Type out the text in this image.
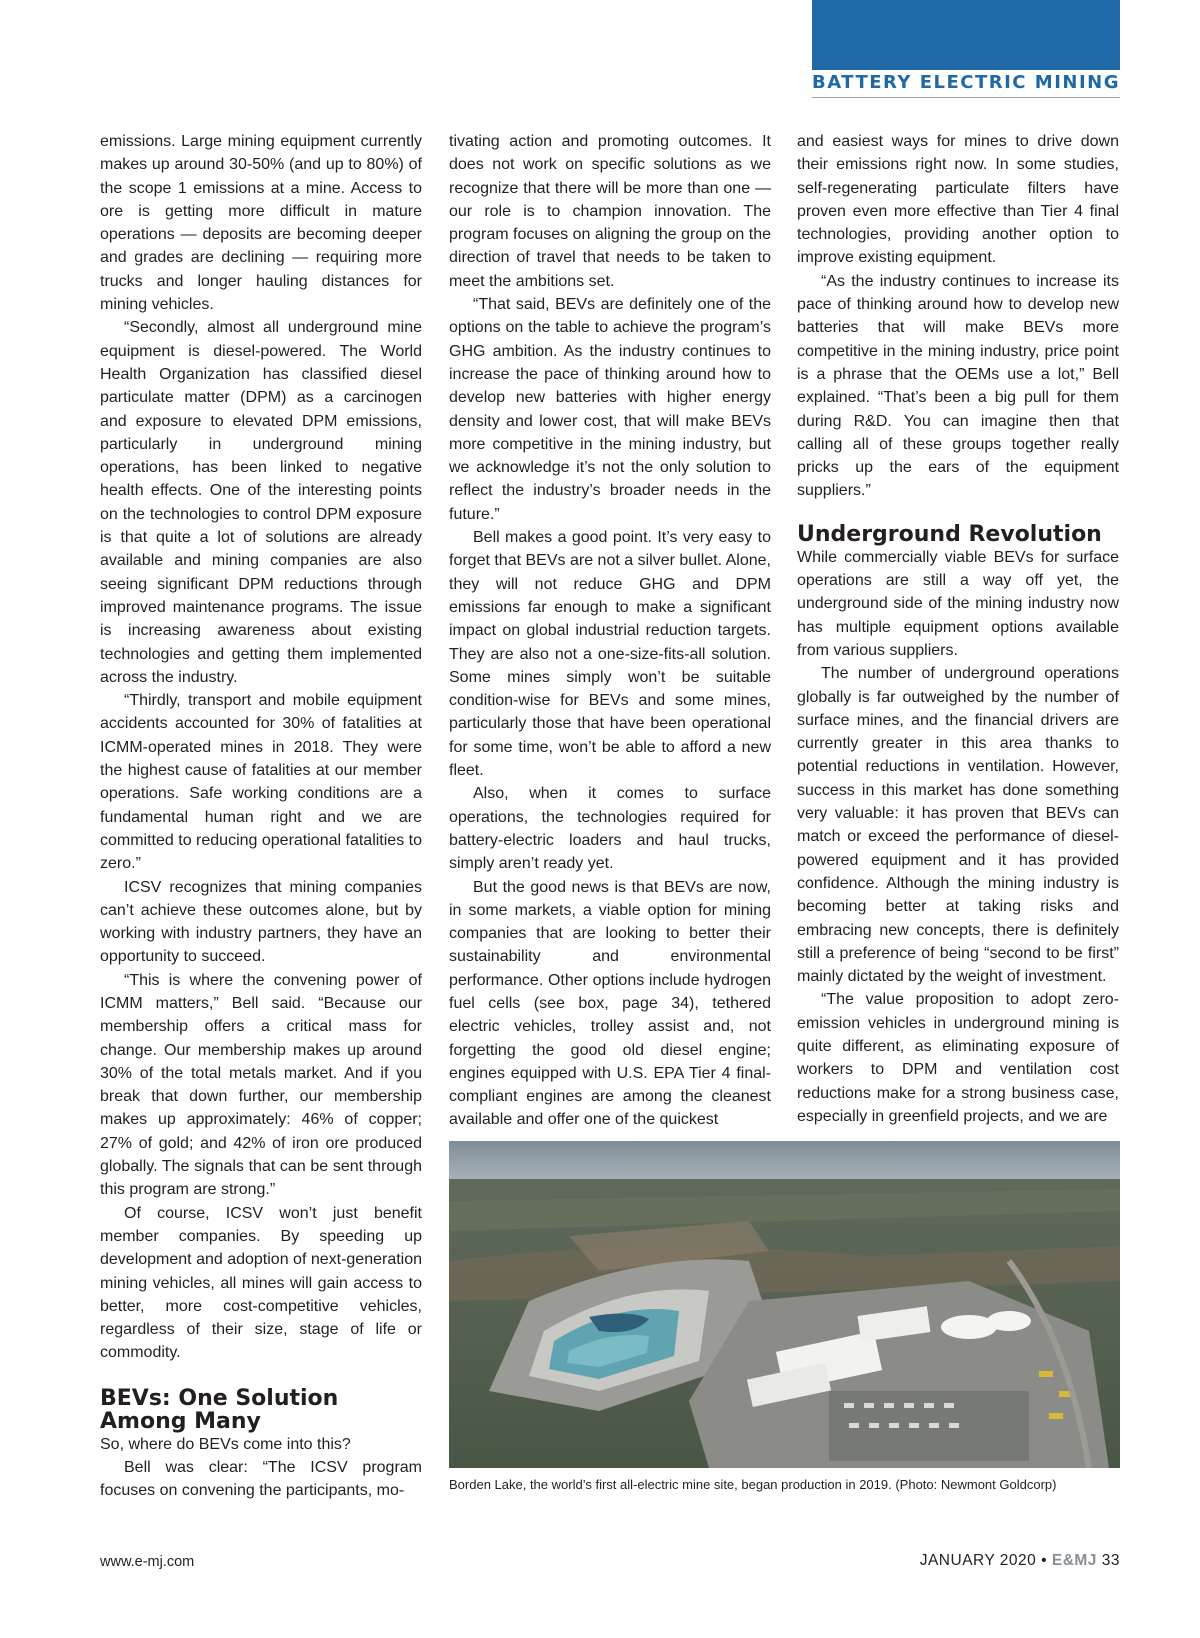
BATTERY ELECTRIC MINING

emissions. Large mining equipment currently makes up around 30-50% (and up to 80%) of the scope 1 emissions at a mine. Access to ore is getting more difficult in mature operations — deposits are becoming deeper and grades are declining — requiring more trucks and longer hauling distances for mining vehicles.

“Secondly, almost all underground mine equipment is diesel-powered. The World Health Organization has classified diesel particulate matter (DPM) as a carcinogen and exposure to elevated DPM emissions, particularly in underground mining operations, has been linked to negative health effects. One of the interesting points on the technologies to control DPM exposure is that quite a lot of solutions are already available and mining companies are also seeing significant DPM reductions through improved maintenance programs. The issue is increasing awareness about existing technologies and getting them implemented across the industry.

“Thirdly, transport and mobile equipment accidents accounted for 30% of fatalities at ICMM-operated mines in 2018. They were the highest cause of fatalities at our member operations. Safe working conditions are a fundamental human right and we are committed to reducing operational fatalities to zero.”

ICSV recognizes that mining companies can’t achieve these outcomes alone, but by working with industry partners, they have an opportunity to succeed.

“This is where the convening power of ICMM matters,” Bell said. “Because our membership offers a critical mass for change. Our membership makes up around 30% of the total metals market. And if you break that down further, our membership makes up approximately: 46% of copper; 27% of gold; and 42% of iron ore produced globally. The signals that can be sent through this program are strong.”

Of course, ICSV won’t just benefit member companies. By speeding up development and adoption of next-generation mining vehicles, all mines will gain access to better, more cost-competitive vehicles, regardless of their size, stage of life or commodity.

BEVs: One Solution Among Many

So, where do BEVs come into this?

Bell was clear: “The ICSV program focuses on convening the participants, mo-

tivating action and promoting outcomes. It does not work on specific solutions as we recognize that there will be more than one — our role is to champion innovation. The program focuses on aligning the group on the direction of travel that needs to be taken to meet the ambitions set.

“That said, BEVs are definitely one of the options on the table to achieve the program’s GHG ambition. As the industry continues to increase the pace of thinking around how to develop new batteries with higher energy density and lower cost, that will make BEVs more competitive in the mining industry, but we acknowledge it’s not the only solution to reflect the industry’s broader needs in the future.”

Bell makes a good point. It’s very easy to forget that BEVs are not a silver bullet. Alone, they will not reduce GHG and DPM emissions far enough to make a significant impact on global industrial reduction targets. They are also not a one-size-fits-all solution. Some mines simply won’t be suitable condition-wise for BEVs and some mines, particularly those that have been operational for some time, won’t be able to afford a new fleet.

Also, when it comes to surface operations, the technologies required for battery-electric loaders and haul trucks, simply aren’t ready yet.

But the good news is that BEVs are now, in some markets, a viable option for mining companies that are looking to better their sustainability and environmental performance. Other options include hydrogen fuel cells (see box, page 34), tethered electric vehicles, trolley assist and, not forgetting the good old diesel engine; engines equipped with U.S. EPA Tier 4 final-compliant engines are among the cleanest available and offer one of the quickest

and easiest ways for mines to drive down their emissions right now. In some studies, self-regenerating particulate filters have proven even more effective than Tier 4 final technologies, providing another option to improve existing equipment.

“As the industry continues to increase its pace of thinking around how to develop new batteries that will make BEVs more competitive in the mining industry, price point is a phrase that the OEMs use a lot,” Bell explained. “That’s been a big pull for them during R&D. You can imagine then that calling all of these groups together really pricks up the ears of the equipment suppliers.”

Underground Revolution

While commercially viable BEVs for surface operations are still a way off yet, the underground side of the mining industry now has multiple equipment options available from various suppliers.

The number of underground operations globally is far outweighed by the number of surface mines, and the financial drivers are currently greater in this area thanks to potential reductions in ventilation. However, success in this market has done something very valuable: it has proven that BEVs can match or exceed the performance of diesel-powered equipment and it has provided confidence. Although the mining industry is becoming better at taking risks and embracing new concepts, there is definitely still a preference of being “second to be first” mainly dictated by the weight of investment.

“The value proposition to adopt zero-emission vehicles in underground mining is quite different, as eliminating exposure of workers to DPM and ventilation cost reductions make for a strong business case, especially in greenfield projects, and we are

Borden Lake, the world’s first all-electric mine site, began production in 2019. (Photo: Newmont Goldcorp)
www.e-mj.com	JANUARY 2020 • E&MJ 33
